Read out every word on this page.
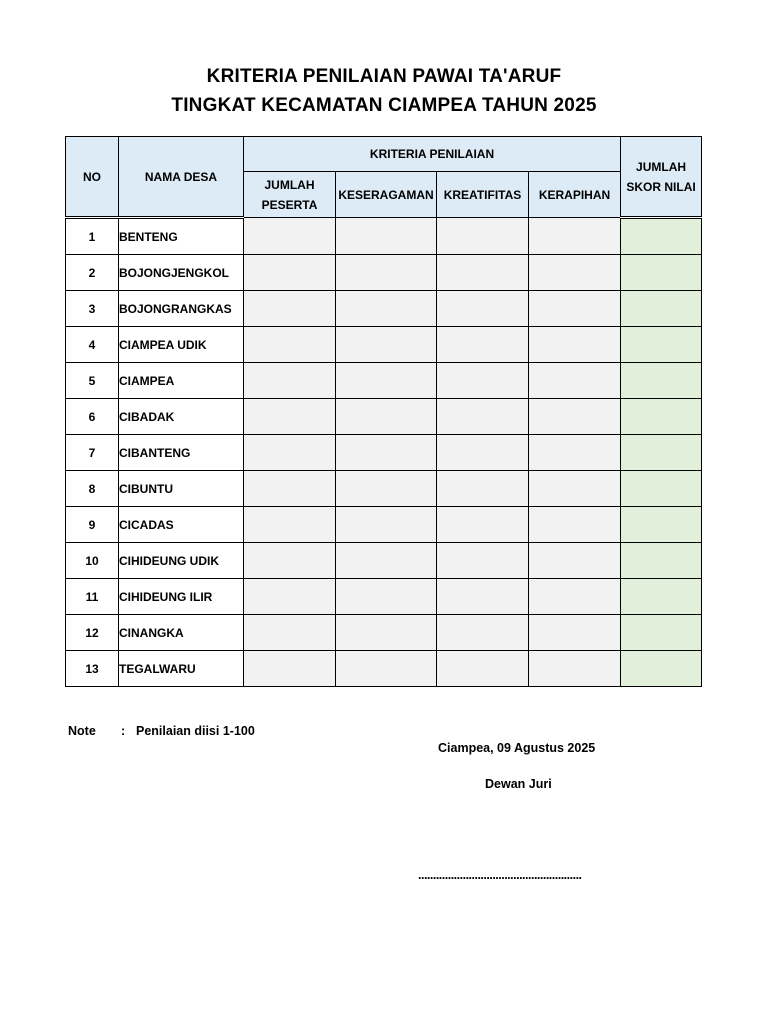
KRITERIA PENILAIAN PAWAI TA'ARUF
TINGKAT KECAMATAN CIAMPEA TAHUN 2025
NO	NAMA DESA	KRITERIA PENILAIAN				JUMLAH SKOR NILAI
		JUMLAH PESERTA	KESERAGAMAN	KREATIFITAS	KERAPIHAN	
1	BENTENG					
2	BOJONGJENGKOL					
3	BOJONGRANGKAS					
4	CIAMPEA UDIK					
5	CIAMPEA					
6	CIBADAK					
7	CIBANTENG					
8	CIBUNTU					
9	CICADAS					
10	CIHIDEUNG UDIK					
11	CIHIDEUNG ILIR					
12	CINANGKA					
13	TEGALWARU					
Note : Penilaian diisi 1-100
Ciampea, 09 Agustus 2025
Dewan Juri
.......................................................
